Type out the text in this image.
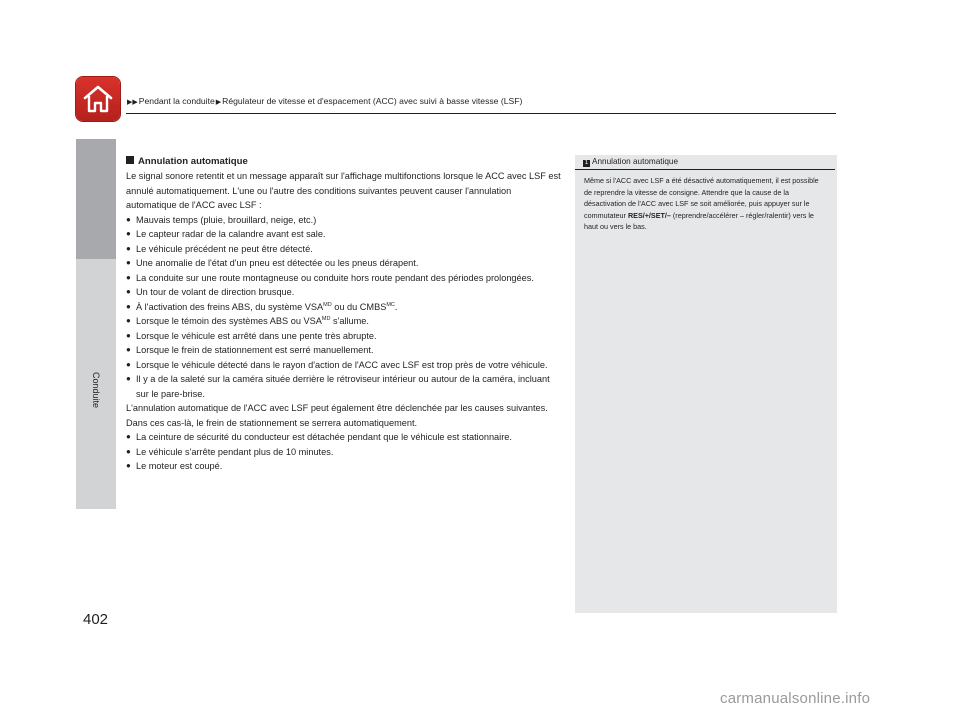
▶▶Pendant la conduite▶Régulateur de vitesse et d'espacement (ACC) avec suivi à basse vitesse (LSF)
Conduite
Annulation automatique

Le signal sonore retentit et un message apparaît sur l'affichage multifonctions lorsque le ACC avec LSF est annulé automatiquement. L'une ou l'autre des conditions suivantes peuvent causer l'annulation automatique de l'ACC avec LSF :

● Mauvais temps (pluie, brouillard, neige, etc.)
● Le capteur radar de la calandre avant est sale.
● Le véhicule précédent ne peut être détecté.
● Une anomalie de l'état d'un pneu est détectée ou les pneus dérapent.
● La conduite sur une route montagneuse ou conduite hors route pendant des périodes prolongées.
● Un tour de volant de direction brusque.
● À l'activation des freins ABS, du système $VSA^{MD}$ ou du $CMBS^{MC}$.
● Lorsque le témoin des systèmes ABS ou $VSA^{MD}$ s'allume.
● Lorsque le véhicule est arrêté dans une pente très abrupte.
● Lorsque le frein de stationnement est serré manuellement.
● Lorsque le véhicule détecté dans le rayon d'action de l'ACC avec LSF est trop près de votre véhicule.
● Il y a de la saleté sur la caméra située derrière le rétroviseur intérieur ou autour de la caméra, incluant sur le pare-brise.

L'annulation automatique de l'ACC avec LSF peut également être déclenchée par les causes suivantes. Dans ces cas-là, le frein de stationnement se serrera automatiquement.

● La ceinture de sécurité du conducteur est détachée pendant que le véhicule est stationnaire.
● Le véhicule s'arrête pendant plus de 10 minutes.
● Le moteur est coupé.
1 Annulation automatique
Même si l'ACC avec LSF a été désactivé automatiquement, il est possible de reprendre la vitesse de consigne. Attendre que la cause de la désactivation de l'ACC avec LSF se soit améliorée, puis appuyer sur le commutateur RES/+/SET/– (reprendre/accélérer – régler/ralentir) vers le haut ou vers le bas.
402
carmanualsonline.info
